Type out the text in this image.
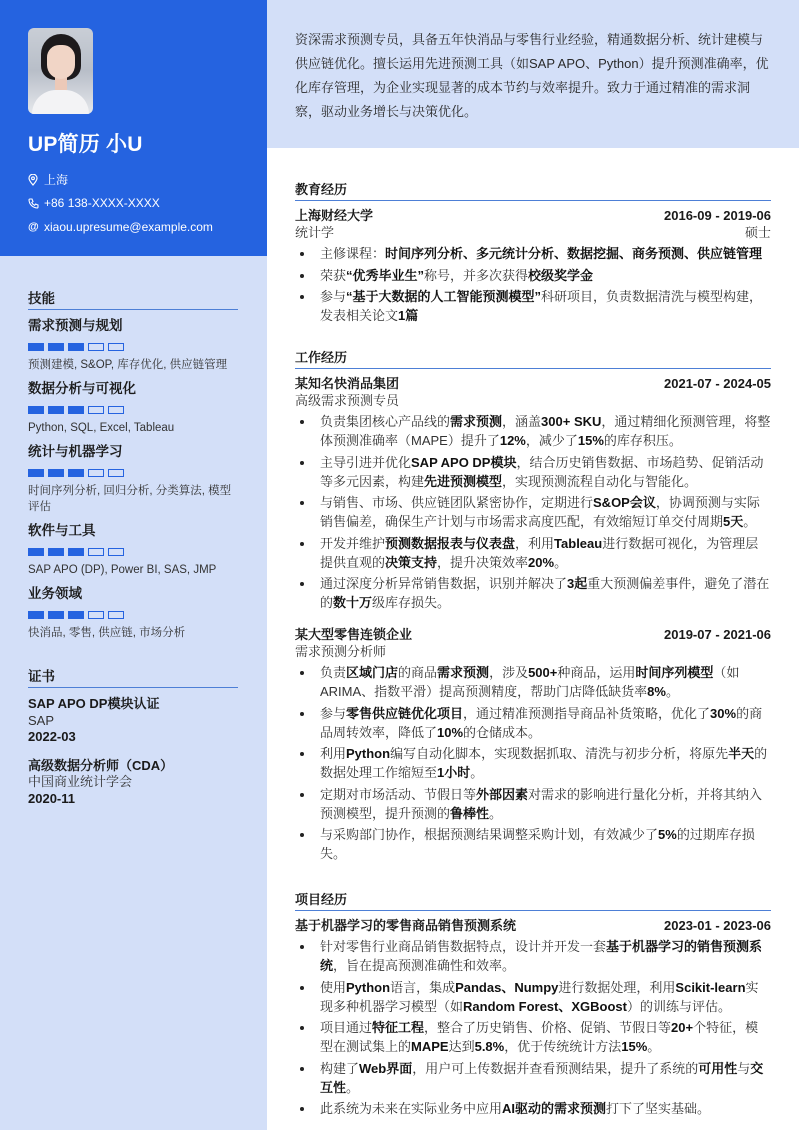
UP简历 小U
上海
+86 138-XXXX-XXXX
@ xiaou.upresume@example.com
技能
需求预测与规划
预测建模, S&OP, 库存优化, 供应链管理
数据分析与可视化
Python, SQL, Excel, Tableau
统计与机器学习
时间序列分析, 回归分析, 分类算法, 模型评估
软件与工具
SAP APO (DP), Power BI, SAS, JMP
业务领域
快消品, 零售, 供应链, 市场分析
证书
SAP APO DP模块认证
SAP
2022-03
高级数据分析师（CDA）
中国商业统计学会
2020-11
资深需求预测专员，具备五年快消品与零售行业经验，精通数据分析、统计建模与供应链优化。擅长运用先进预测工具（如SAP APO、Python）提升预测准确率，优化库存管理，为企业实现显著的成本节约与效率提升。致力于通过精准的需求洞察，驱动业务增长与决策优化。
教育经历
上海财经大学	2016-09 - 2019-06
统计学	硕士
主修课程：时间序列分析、多元统计分析、数据挖掘、商务预测、供应链管理
荣获“优秀毕业生”称号，并多次获得校级奖学金
参与“基于大数据的人工智能预测模型”科研项目，负责数据清洗与模型构建，发表相关论文1篇
工作经历
某知名快消品集团	2021-07 - 2024-05
高级需求预测专员
负责集团核心产品线的需求预测，涵盖300+ SKU，通过精细化预测管理，将整体预测准确率（MAPE）提升了12%，减少了15%的库存积压。
主导引进并优化SAP APO DP模块，结合历史销售数据、市场趋势、促销活动等多元因素，构建先进预测模型，实现预测流程自动化与智能化。
与销售、市场、供应链团队紧密协作，定期进行S&OP会议，协调预测与实际销售偏差，确保生产计划与市场需求高度匹配，有效缩短订单交付周期5天。
开发并维护预测数据报表与仪表盘，利用Tableau进行数据可视化，为管理层提供直观的决策支持，提升决策效率20%。
通过深度分析异常销售数据，识别并解决了3起重大预测偏差事件，避免了潜在的数十万级库存损失。
某大型零售连锁企业	2019-07 - 2021-06
需求预测分析师
负责区域门店的商品需求预测，涉及500+种商品，运用时间序列模型（如ARIMA、指数平滑）提高预测精度，帮助门店降低缺货率8%。
参与零售供应链优化项目，通过精准预测指导商品补货策略，优化了30%的商品周转效率，降低了10%的仓储成本。
利用Python编写自动化脚本，实现数据抓取、清洗与初步分析，将原先半天的数据处理工作缩短至1小时。
定期对市场活动、节假日等外部因素对需求的影响进行量化分析，并将其纳入预测模型，提升预测的鲁棒性。
与采购部门协作，根据预测结果调整采购计划，有效减少了5%的过期库存损失。
项目经历
基于机器学习的零售商品销售预测系统	2023-01 - 2023-06
针对零售行业商品销售数据特点，设计并开发一套基于机器学习的销售预测系统，旨在提高预测准确性和效率。
使用Python语言，集成Pandas、Numpy进行数据处理，利用Scikit-learn实现多种机器学习模型（如Random Forest、XGBoost）的训练与评估。
项目通过特征工程，整合了历史销售、价格、促销、节假日等20+个特征，模型在测试集上的MAPE达到5.8%，优于传统统计方法15%。
构建了Web界面，用户可上传数据并查看预测结果，提升了系统的可用性与交互性。
此系统为未来在实际业务中应用AI驱动的需求预测打下了坚实基础。
